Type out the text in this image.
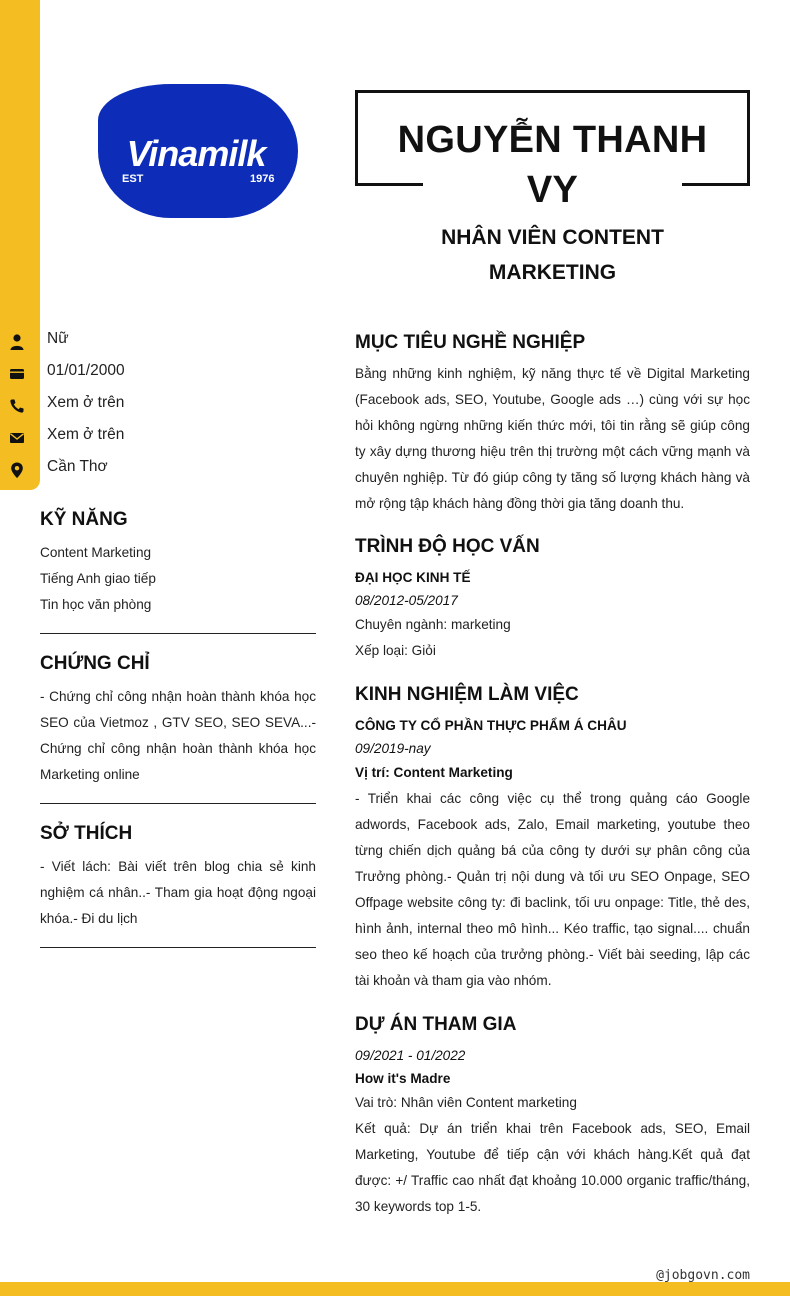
Vinamilk
EST	1976
NGUYỄN THANH
VY
NHÂN VIÊN CONTENT
MARKETING
Nữ
01/01/2000
Xem ở trên
Xem ở trên
Cần Thơ
KỸ NĂNG
Content Marketing
Tiếng Anh giao tiếp
Tin học văn phòng
CHỨNG CHỈ
- Chứng chỉ công nhận hoàn thành khóa học SEO của Vietmoz , GTV SEO, SEO SEVA...- Chứng chỉ công nhận hoàn thành khóa học Marketing online
SỞ THÍCH
- Viết lách: Bài viết trên blog chia sẻ kinh nghiệm cá nhân..- Tham gia hoạt động ngoại khóa.- Đi du lịch
MỤC TIÊU NGHỀ NGHIỆP
Bằng những kinh nghiệm, kỹ năng thực tế về Digital Marketing (Facebook ads, SEO, Youtube, Google ads …) cùng với sự học hỏi không ngừng những kiến thức mới, tôi tin rằng sẽ giúp công ty xây dựng thương hiệu trên thị trường một cách vững mạnh và chuyên nghiệp. Từ đó giúp công ty tăng số lượng khách hàng và mở rộng tập khách hàng đồng thời gia tăng doanh thu.
TRÌNH ĐỘ HỌC VẤN
ĐẠI HỌC KINH TẾ
08/2012-05/2017
Chuyên ngành: marketing
Xếp loại: Giỏi
KINH NGHIỆM LÀM VIỆC
CÔNG TY CỔ PHẦN THỰC PHẨM Á CHÂU
09/2019-nay
Vị trí: Content Marketing
- Triển khai các công việc cụ thể trong quảng cáo Google adwords, Facebook ads, Zalo, Email marketing, youtube theo từng chiến dịch quảng bá của công ty dưới sự phân công của Trưởng phòng.- Quản trị nội dung và tối ưu SEO Onpage, SEO Offpage website công ty: đi baclink, tối ưu onpage: Title, thẻ des, hình ảnh, internal theo mô hình... Kéo traffic, tạo signal.... chuẩn seo theo kế hoạch của trưởng phòng.- Viết bài seeding, lập các tài khoản và tham gia vào nhóm.
DỰ ÁN THAM GIA
09/2021 - 01/2022
How it's Madre
Vai trò: Nhân viên Content marketing
Kết quả: Dự án triển khai trên Facebook ads, SEO, Email Marketing, Youtube để tiếp cận với khách hàng.Kết quả đạt được: +/ Traffic cao nhất đạt khoảng 10.000 organic traffic/tháng, 30 keywords top 1-5.
@jobgovn.com
